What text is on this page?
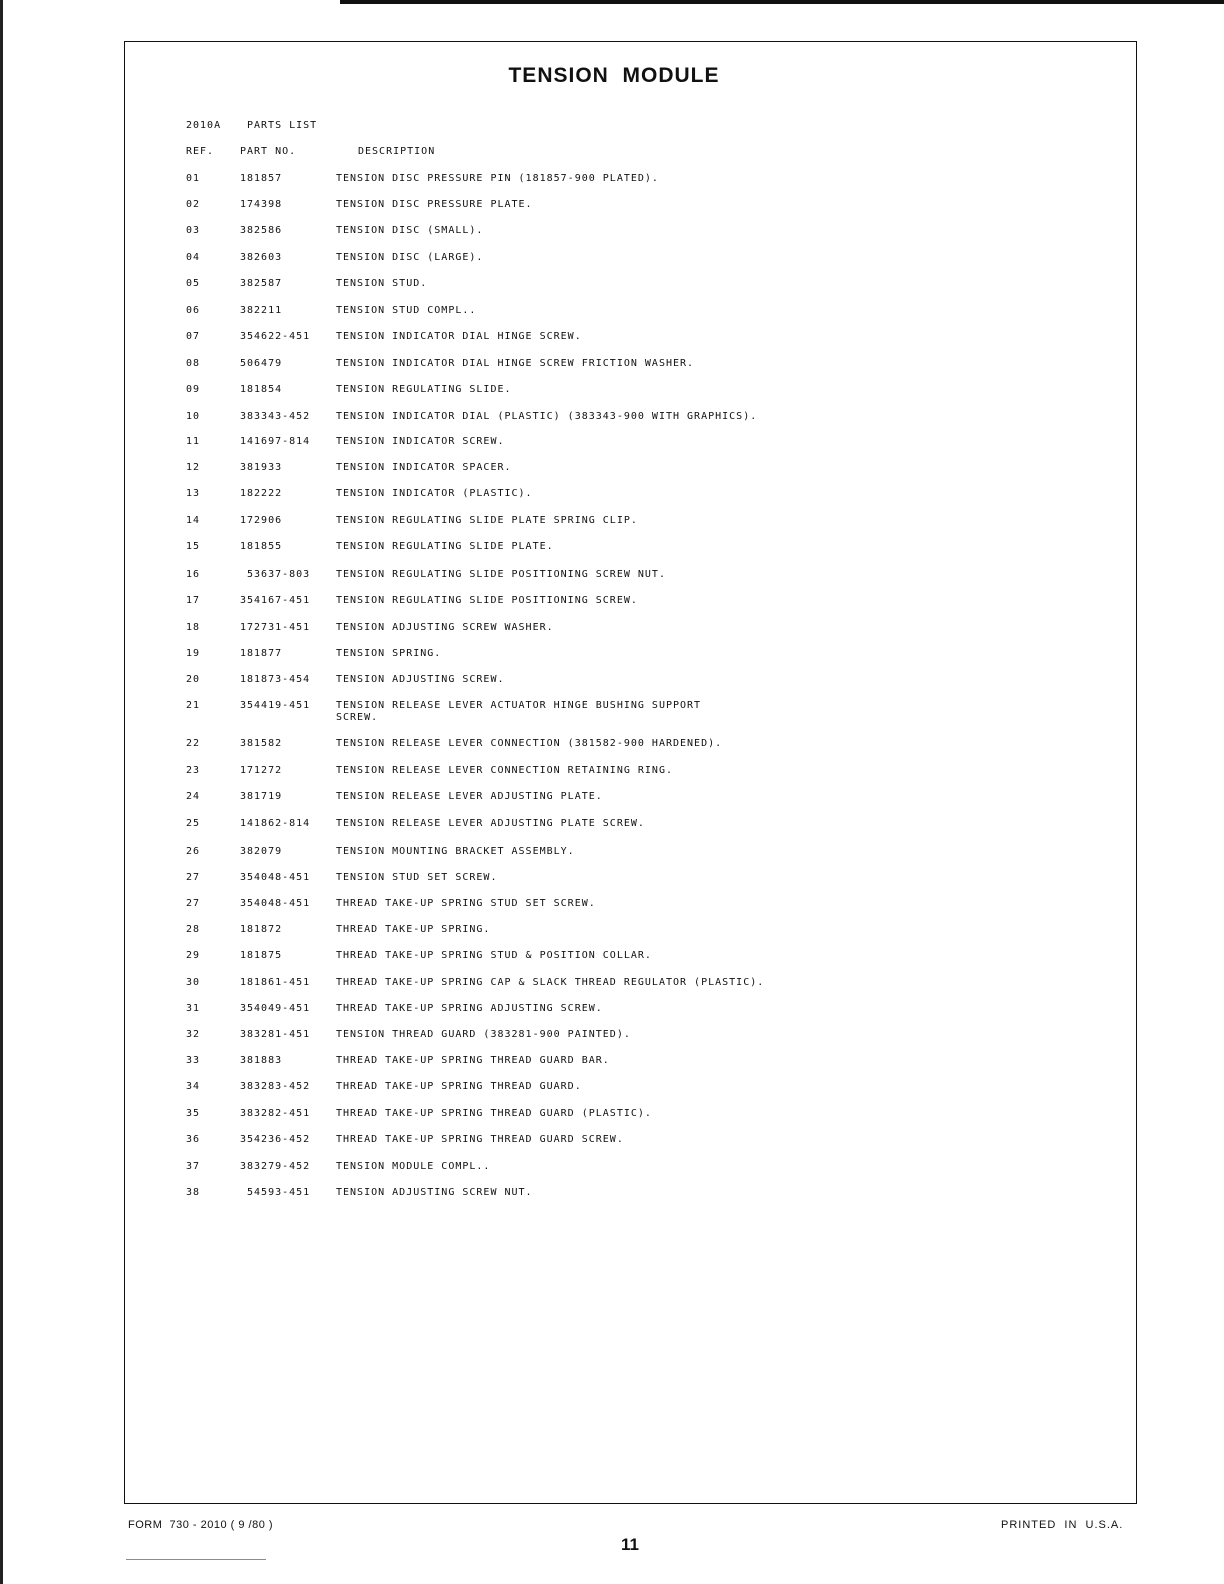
TENSION  MODULE
2010A	PARTS LIST
REF.	PART NO.	DESCRIPTION
01	181857	TENSION DISC PRESSURE PIN (181857-900 PLATED).
02	174398	TENSION DISC PRESSURE PLATE.
03	382586	TENSION DISC (SMALL).
04	382603	TENSION DISC (LARGE).
05	382587	TENSION STUD.
06	382211	TENSION STUD COMPL..
07	354622-451	TENSION INDICATOR DIAL HINGE SCREW.
08	506479	TENSION INDICATOR DIAL HINGE SCREW FRICTION WASHER.
09	181854	TENSION REGULATING SLIDE.
10	383343-452	TENSION INDICATOR DIAL (PLASTIC) (383343-900 WITH GRAPHICS).
11	141697-814	TENSION INDICATOR SCREW.
12	381933	TENSION INDICATOR SPACER.
13	182222	TENSION INDICATOR (PLASTIC).
14	172906	TENSION REGULATING SLIDE PLATE SPRING CLIP.
15	181855	TENSION REGULATING SLIDE PLATE.
16	53637-803	TENSION REGULATING SLIDE POSITIONING SCREW NUT.
17	354167-451	TENSION REGULATING SLIDE POSITIONING SCREW.
18	172731-451	TENSION ADJUSTING SCREW WASHER.
19	181877	TENSION SPRING.
20	181873-454	TENSION ADJUSTING SCREW.
21	354419-451	TENSION RELEASE LEVER ACTUATOR HINGE BUSHING SUPPORT
SCREW.
22	381582	TENSION RELEASE LEVER CONNECTION (381582-900 HARDENED).
23	171272	TENSION RELEASE LEVER CONNECTION RETAINING RING.
24	381719	TENSION RELEASE LEVER ADJUSTING PLATE.
25	141862-814	TENSION RELEASE LEVER ADJUSTING PLATE SCREW.
26	382079	TENSION MOUNTING BRACKET ASSEMBLY.
27	354048-451	TENSION STUD SET SCREW.
27	354048-451	THREAD TAKE-UP SPRING STUD SET SCREW.
28	181872	THREAD TAKE-UP SPRING.
29	181875	THREAD TAKE-UP SPRING STUD & POSITION COLLAR.
30	181861-451	THREAD TAKE-UP SPRING CAP & SLACK THREAD REGULATOR (PLASTIC).
31	354049-451	THREAD TAKE-UP SPRING ADJUSTING SCREW.
32	383281-451	TENSION THREAD GUARD (383281-900 PAINTED).
33	381883	THREAD TAKE-UP SPRING THREAD GUARD BAR.
34	383283-452	THREAD TAKE-UP SPRING THREAD GUARD.
35	383282-451	THREAD TAKE-UP SPRING THREAD GUARD (PLASTIC).
36	354236-452	THREAD TAKE-UP SPRING THREAD GUARD SCREW.
37	383279-452	TENSION MODULE COMPL..
38	54593-451	TENSION ADJUSTING SCREW NUT.
FORM  730 - 2010 ( 9 /80 )	PRINTED  IN  U.S.A.
11
